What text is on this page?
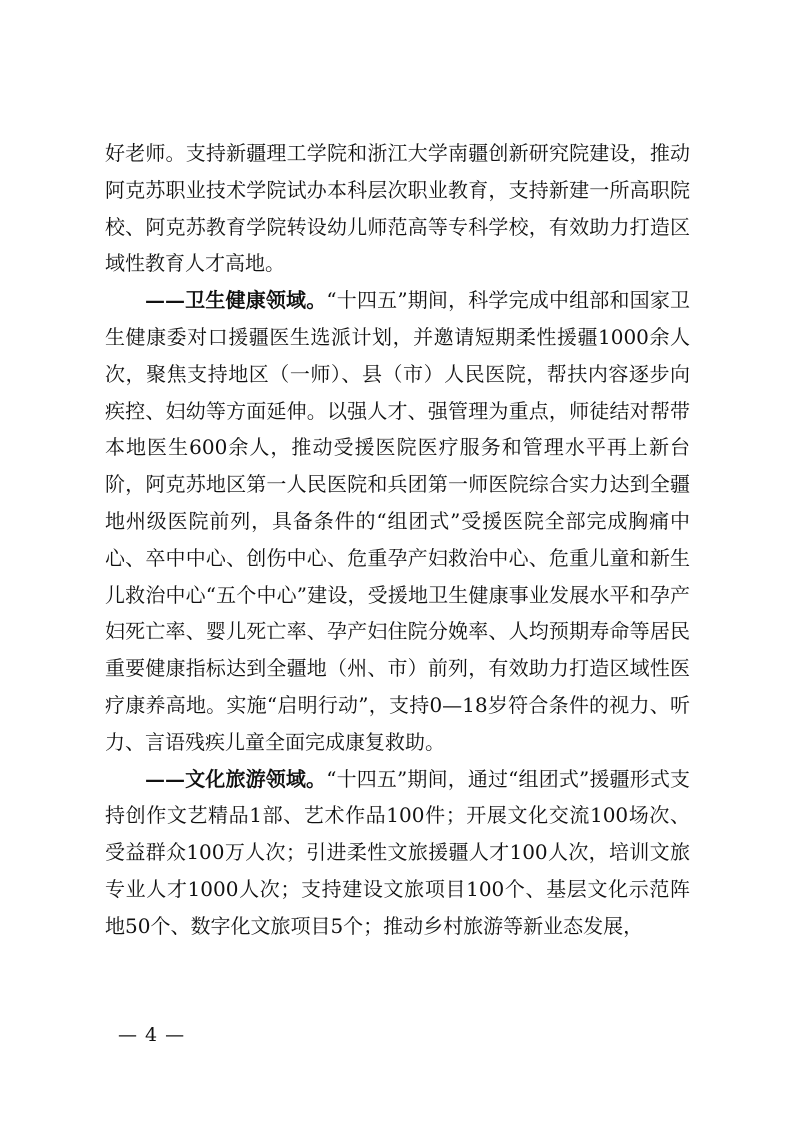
好老师。支持新疆理工学院和浙江大学南疆创新研究院建设，推动阿克苏职业技术学院试办本科层次职业教育，支持新建一所高职院校、阿克苏教育学院转设幼儿师范高等专科学校，有效助力打造区域性教育人才高地。

——卫生健康领域。“十四五”期间，科学完成中组部和国家卫生健康委对口援疆医生选派计划，并邀请短期柔性援疆1000余人次，聚焦支持地区（一师）、县（市）人民医院，帮扶内容逐步向疾控、妇幼等方面延伸。以强人才、强管理为重点，师徒结对帮带本地医生600余人，推动受援医院医疗服务和管理水平再上新台阶，阿克苏地区第一人民医院和兵团第一师医院综合实力达到全疆地州级医院前列，具备条件的“组团式”受援医院全部完成胸痛中心、卒中中心、创伤中心、危重孕产妇救治中心、危重儿童和新生儿救治中心“五个中心”建设，受援地卫生健康事业发展水平和孕产妇死亡率、婴儿死亡率、孕产妇住院分娩率、人均预期寿命等居民重要健康指标达到全疆地（州、市）前列，有效助力打造区域性医疗康养高地。实施“启明行动”，支持0—18岁符合条件的视力、听力、言语残疾儿童全面完成康复救助。

——文化旅游领域。“十四五”期间，通过“组团式”援疆形式支持创作文艺精品1部、艺术作品100件；开展文化交流100场次、受益群众100万人次；引进柔性文旅援疆人才100人次，培训文旅专业人才1000人次；支持建设文旅项目100个、基层文化示范阵地50个、数字化文旅项目5个；推动乡村旅游等新业态发展，

— 4 —
